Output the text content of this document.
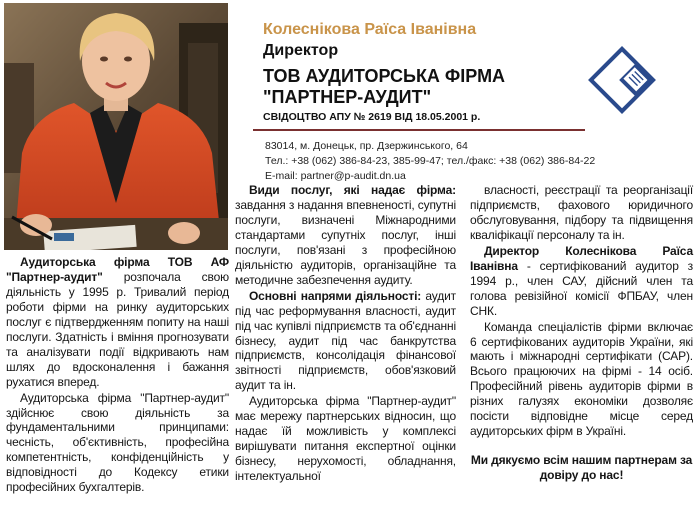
Колеснікова Раїса Іванівна
Директор
ТОВ АУДИТОРСЬКА ФІРМА
"ПАРТНЕР-АУДИТ"
СВІДОЦТВО АПУ № 2619 ВІД 18.05.2001 р.
83014, м. Донецьк, пр. Дзержинського, 64
Тел.: +38 (062) 386-84-23, 385-99-47; тел./факс: +38 (062) 386-84-22
E-mail: partner@p-audit.dn.ua

Аудиторська фірма ТОВ АФ "Партнер-аудит" розпочала свою діяльність у 1995 р. Тривалий період роботи фірми на ринку аудиторських послуг є підтвердженням попиту на наші послуги. Здатність і вміння прогнозувати та аналізувати події відкривають нам шлях до вдосконалення і бажання рухатися вперед.

Аудиторська фірма "Партнер-аудит" здійснює свою діяльність за фундаментальними принципами: чесність, об'єктивність, професійна компетентність, конфіденційність у відповідності до Кодексу етики професійних бухгалтерів.

Види послуг, які надає фірма: завдання з надання впевненості, супутні послуги, визначені Міжнародними стандартами супутніх послуг, інші послуги, пов'язані з професійною діяльністю аудиторів, організаційне та методичне забезпечення аудиту.

Основні напрями діяльності: аудит під час реформування власності, аудит під час купівлі підприємств та об'єднанні бізнесу, аудит під час банкрутства підприємств, консолідація фінансової звітності підприємств, обов'язковий аудит та ін.

Аудиторська фірма "Партнер-аудит" має мережу партнерських відносин, що надає їй можливість у комплексі вирішувати питання експертної оцінки бізнесу, нерухомості, обладнання, інтелектуальної

власності, реєстрації та реорганізації підприємств, фахового юридичного обслуговування, підбору та підвищення кваліфікації персоналу та ін.

Директор Колеснікова Раїса Іванівна - сертифікований аудитор з 1994 р., член САУ, дійсний член та голова ревізійної комісії ФПБАУ, член СНК.

Команда спеціалістів фірми включає 6 сертифікованих аудиторів України, які мають і міжнародні сертифікати (САР). Всього працюючих на фірмі - 14 осіб. Професійний рівень аудиторів фірми в різних галузях економіки дозволяє посісти відповідне місце серед аудиторських фірм в Україні.

Ми дякуємо всім нашим партнерам за довіру до нас!
